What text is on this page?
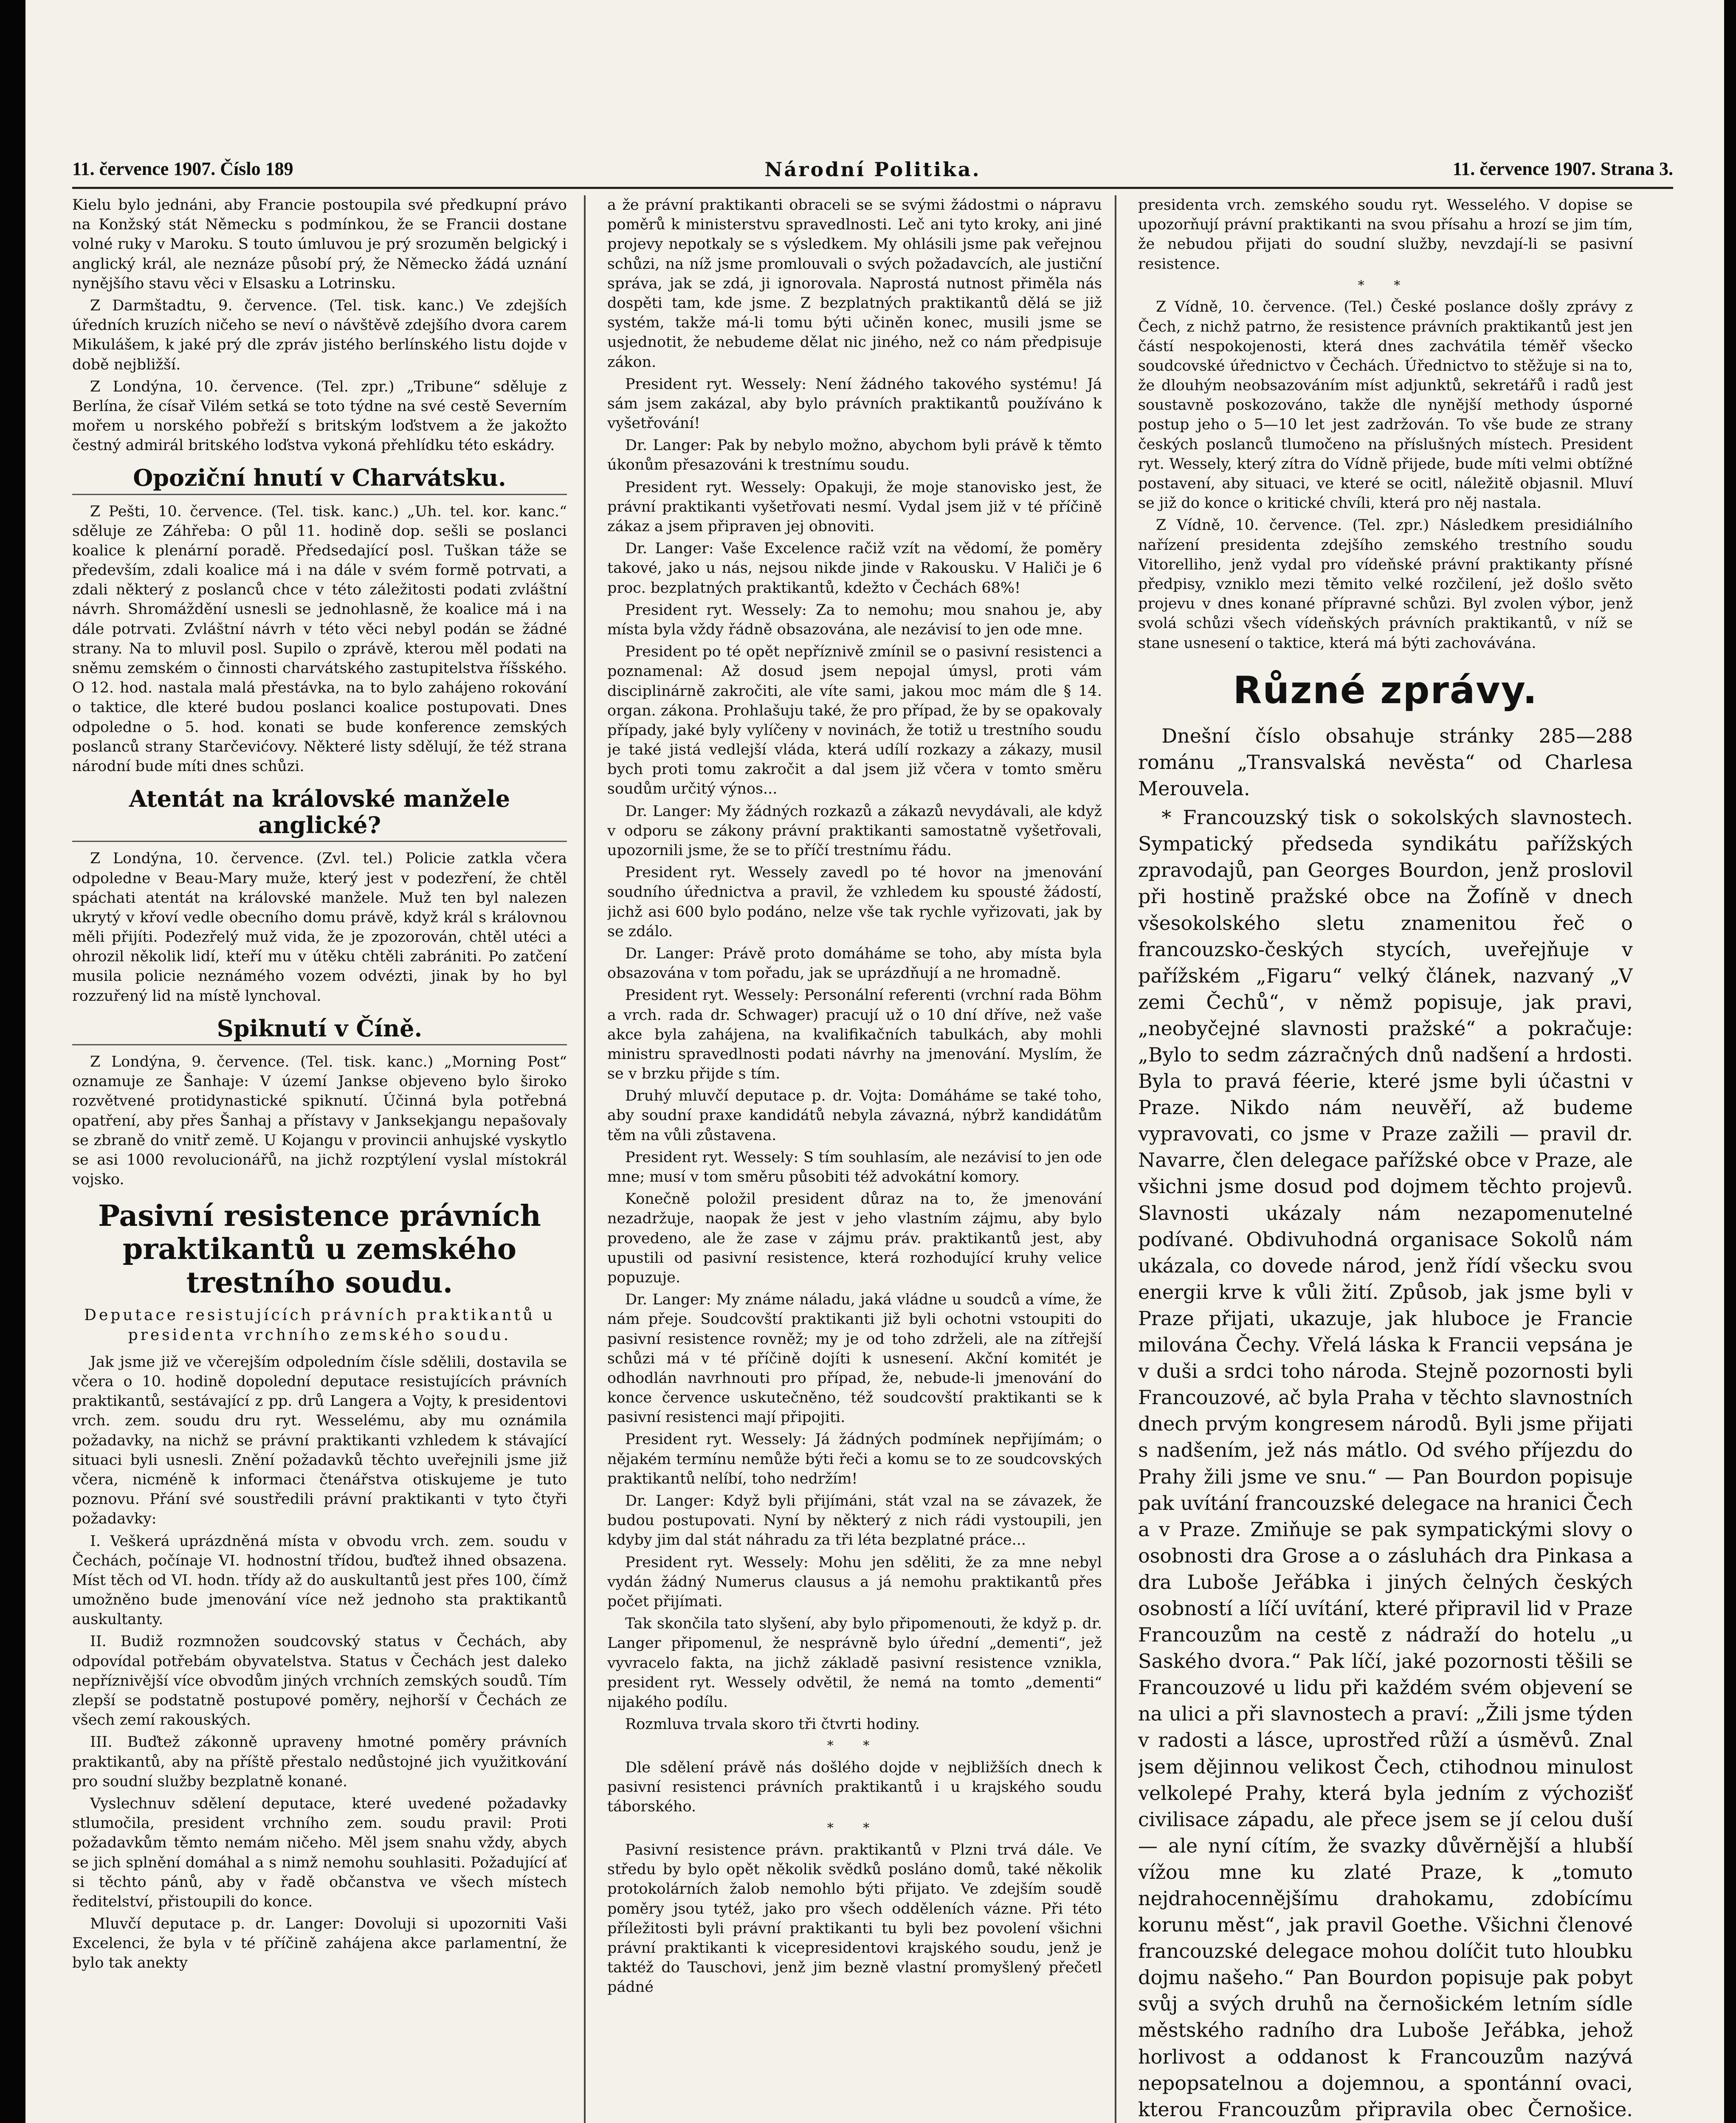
11. července 1907. Číslo 189	Národní Politika.	11. července 1907. Strana 3.

Kielu bylo jednáni, aby Francie postoupila své předkupní právo na Konžský stát Německu s podmínkou, že se Francii dostane volné ruky v Maroku. S touto úmluvou je prý srozuměn belgický i anglický král, ale neznáze působí prý, že Německo žádá uznání nynějšího stavu věci v Elsasku a Lotrinsku.

Z Darmštadtu, 9. července. (Tel. tisk. kanc.) Ve zdejších úředních kruzích ničeho se neví o návštěvě zdejšího dvora carem Mikulášem, k jaké prý dle zpráv jistého berlínského listu dojde v době nejbližší.

Z Londýna, 10. července. (Tel. zpr.) „Tribune“ sděluje z Berlína, že císař Vilém setká se toto týdne na své cestě Severním mořem u norského pobřeží s britským loďstvem a že jakožto čestný admirál britského loďstva vykoná přehlídku této eskádry.

Opoziční hnutí v Charvátsku.

Z Pešti, 10. července. (Tel. tisk. kanc.) „Uh. tel. kor. kanc.“ sděluje ze Záhřeba: O půl 11. hodině dop. sešli se poslanci koalice k plenární poradě. Předsedající posl. Tuškan táže se především, zdali koalice má i na dále v svém formě potrvati, a zdali některý z poslanců chce v této záležitosti podati zvláštní návrh. Shromáždění usnesli se jednohlasně, že koalice má i na dále potrvati. Zvláštní návrh v této věci nebyl podán se žádné strany. Na to mluvil posl. Supilo o zprávě, kterou měl podati na sněmu zemském o činnosti charvátského zastupitelstva říšského. O 12. hod. nastala malá přestávka, na to bylo zahájeno rokování o taktice, dle které budou poslanci koalice postupovati. Dnes odpoledne o 5. hod. konati se bude konference zemských poslanců strany Starčevićovy. Některé listy sdělují, že též strana národní bude míti dnes schůzi.

Atentát na královské manžele anglické?

Z Londýna, 10. července. (Zvl. tel.) Policie zatkla včera odpoledne v Beau-Mary muže, který jest v podezření, že chtěl spáchati atentát na královské manžele. Muž ten byl nalezen ukrytý v křoví vedle obecního domu právě, když král s královnou měli přijíti. Podezřelý muž vida, že je zpozorován, chtěl utéci a ohrozil několik lidí, kteří mu v útěku chtěli zabrániti. Po zatčení musila policie neznámého vozem odvézti, jinak by ho byl rozzuřený lid na místě lynchoval.

Spiknutí v Číně.

Z Londýna, 9. července. (Tel. tisk. kanc.) „Morning Post“ oznamuje ze Šanhaje: V území Jankse objeveno bylo široko rozvětvené protidynastické spiknutí. Účinná byla potřebná opatření, aby přes Šanhaj a přístavy v Janksekjangu nepašovaly se zbraně do vnitř země. U Kojangu v provincii anhujské vyskytlo se asi 1000 revolucionářů, na jichž rozptýlení vyslal místokrál vojsko.

Pasivní resistence právních praktikantů u zemského trestního soudu.
Deputace resistujících právních praktikantů u presidenta vrchního zemského soudu.

Jak jsme již ve včerejším odpoledním čísle sdělili, dostavila se včera o 10. hodině dopolední deputace resistujících právních praktikantů, sestávající z pp. drů Langera a Vojty, k presidentovi vrch. zem. soudu dru ryt. Wesselému, aby mu oznámila požadavky, na nichž se právní praktikanti vzhledem k stávající situaci byli usnesli. Znění požadavků těchto uveřejnili jsme již včera, nicméně k informaci čtenářstva otiskujeme je tuto poznovu. Přání své soustředili právní praktikanti v tyto čtyři požadavky:

I. Veškerá uprázdněná místa v obvodu vrch. zem. soudu v Čechách, počínaje VI. hodnostní třídou, buďtež ihned obsazena. Míst těch od VI. hodn. třídy až do auskultantů jest přes 100, čímž umožněno bude jmenování více než jednoho sta praktikantů auskultanty.

II. Budiž rozmnožen soudcovský status v Čechách, aby odpovídal potřebám obyvatelstva. Status v Čechách jest daleko nepříznivější více obvodům jiných vrchních zemských soudů. Tím zlepší se podstatně postupové poměry, nejhorší v Čechách ze všech zemí rakouských.

III. Buďtež zákonně upraveny hmotné poměry právních praktikantů, aby na příště přestalo nedůstojné jich využitkování pro soudní služby bezplatně konané.

Vyslechnuv sdělení deputace, které uvedené požadavky stlumočila, president vrchního zem. soudu pravil: Proti požadavkům těmto nemám ničeho. Měl jsem snahu vždy, abych se jich splnění domáhal a s nimž nemohu souhlasiti. Požadující ať si těchto pánů, aby v řadě občanstva ve všech místech ředitelství, přistoupili do konce.

Mluvčí deputace p. dr. Langer: Dovoluji si upozorniti Vaši Excelenci, že byla v té příčině zahájena akce parlamentní, že bylo tak anekty

a že právní praktikanti obraceli se se svými žádostmi o nápravu poměrů k ministerstvu spravedlnosti. Leč ani tyto kroky, ani jiné projevy nepotkaly se s výsledkem. My ohlásili jsme pak veřejnou schůzi, na níž jsme promlouvali o svých požadavcích, ale justiční správa, jak se zdá, ji ignorovala. Naprostá nutnost přiměla nás dospěti tam, kde jsme. Z bezplatných praktikantů dělá se již systém, takže má-li tomu býti učiněn konec, musili jsme se usjednotit, že nebudeme dělat nic jiného, než co nám předpisuje zákon.

President ryt. Wessely: Není žádného takového systému! Já sám jsem zakázal, aby bylo právních praktikantů používáno k vyšetřování!

Dr. Langer: Pak by nebylo možno, abychom byli právě k těmto úkonům přesazováni k trestnímu soudu.

President ryt. Wessely: Opakuji, že moje stanovisko jest, že právní praktikanti vyšetřovati nesmí. Vydal jsem již v té příčině zákaz a jsem připraven jej obnoviti.

Dr. Langer: Vaše Excelence račiž vzít na vědomí, že poměry takové, jako u nás, nejsou nikde jinde v Rakousku. V Haliči je 6 proc. bezplatných praktikantů, kdežto v Čechách 68%!

President ryt. Wessely: Za to nemohu; mou snahou je, aby místa byla vždy řádně obsazována, ale nezávisí to jen ode mne.

President po té opět nepříznivě zmínil se o pasivní resistenci a poznamenal: Až dosud jsem nepojal úmysl, proti vám disciplinárně zakročiti, ale víte sami, jakou moc mám dle § 14. organ. zákona. Prohlašuju také, že pro případ, že by se opakovaly případy, jaké byly vylíčeny v novinách, že totiž u trestního soudu je také jistá vedlejší vláda, která udílí rozkazy a zákazy, musil bych proti tomu zakročit a dal jsem již včera v tomto směru soudům určitý výnos...

Dr. Langer: My žádných rozkazů a zákazů nevydávali, ale když v odporu se zákony právní praktikanti samostatně vyšetřovali, upozornili jsme, že se to příčí trestnímu řádu.

President ryt. Wessely zavedl po té hovor na jmenování soudního úřednictva a pravil, že vzhledem ku spousté žádostí, jichž asi 600 bylo podáno, nelze vše tak rychle vyřizovati, jak by se zdálo.

Dr. Langer: Právě proto domáháme se toho, aby místa byla obsazována v tom pořadu, jak se uprázdňují a ne hromadně.

President ryt. Wessely: Personální referenti (vrchní rada Böhm a vrch. rada dr. Schwager) pracují už o 10 dní dříve, než vaše akce byla zahájena, na kvalifikačních tabulkách, aby mohli ministru spravedlnosti podati návrhy na jmenování. Myslím, že se v brzku přijde s tím.

Druhý mluvčí deputace p. dr. Vojta: Domáháme se také toho, aby soudní praxe kandidátů nebyla závazná, nýbrž kandidátům těm na vůli zůstavena.

President ryt. Wessely: S tím souhlasím, ale nezávisí to jen ode mne; musí v tom směru působiti též advokátní komory.

Konečně položil president důraz na to, že jmenování nezadržuje, naopak že jest v jeho vlastním zájmu, aby bylo provedeno, ale že zase v zájmu práv. praktikantů jest, aby upustili od pasivní resistence, která rozhodující kruhy velice popuzuje.

Dr. Langer: My známe náladu, jaká vládne u soudců a víme, že nám přeje. Soudcovští praktikanti již byli ochotni vstoupiti do pasivní resistence rovněž; my je od toho zdrželi, ale na zítřejší schůzi má v té příčině dojíti k usnesení. Akční komitét je odhodlán navrhnouti pro případ, že, nebude-li jmenování do konce července uskutečněno, též soudcovští praktikanti se k pasivní resistenci mají připojiti.

President ryt. Wessely: Já žádných podmínek nepřijímám; o nějakém termínu nemůže býti řeči a komu se to ze soudcovských praktikantů nelíbí, toho nedržím!

Dr. Langer: Když byli přijímáni, stát vzal na se závazek, že budou postupovati. Nyní by některý z nich rádi vystoupili, jen kdyby jim dal stát náhradu za tři léta bezplatné práce...

President ryt. Wessely: Mohu jen sděliti, že za mne nebyl vydán žádný Numerus clausus a já nemohu praktikantů přes počet přijímati.

Tak skončila tato slyšení, aby bylo připomenouti, že když p. dr. Langer připomenul, že nesprávně bylo úřední „dementi“, jež vyvracelo fakta, na jichž základě pasivní resistence vznikla, president ryt. Wessely odvětil, že nemá na tomto „dementi“ nijakého podílu.

Rozmluva trvala skoro tři čtvrti hodiny.

* *

Dle sdělení právě nás došlého dojde v nejbližších dnech k pasivní resistenci právních praktikantů i u krajského soudu táborského.

* *

Pasivní resistence právn. praktikantů v Plzni trvá dále. Ve středu by bylo opět několik svědků posláno domů, také několik protokolárních žalob nemohlo býti přijato. Ve zdejším soudě poměry jsou tytéž, jako pro všech odděleních vázne. Při této příležitosti byli právní praktikanti tu byli bez povolení všichni právní praktikanti k vicepresidentovi krajského soudu, jenž je taktéž do Tauschovi, jenž jim bezně vlastní promyšlený přečetl pádné

presidenta vrch. zemského soudu ryt. Wesselého. V dopise se upozorňují právní praktikanti na svou přísahu a hrozí se jim tím, že nebudou přijati do soudní služby, nevzdají-li se pasivní resistence.

* *

Z Vídně, 10. července. (Tel.) České poslance došly zprávy z Čech, z nichž patrno, že resistence právních praktikantů jest jen částí nespokojenosti, která dnes zachvátila téměř všecko soudcovské úřednictvo v Čechách. Úřednictvo to stěžuje si na to, že dlouhým neobsazováním míst adjunktů, sekretářů i radů jest soustavně poskozováno, takže dle nynější methody úsporné postup jeho o 5—10 let jest zadržován. To vše bude ze strany českých poslanců tlumočeno na příslušných místech. President ryt. Wessely, který zítra do Vídně přijede, bude míti velmi obtížné postavení, aby situaci, ve které se ocitl, náležitě objasnil. Mluví se již do konce o kritické chvíli, která pro něj nastala.

Z Vídně, 10. července. (Tel. zpr.) Následkem presidiálního nařízení presidenta zdejšího zemského trestního soudu Vitorelliho, jenž vydal pro vídeňské právní praktikanty přísné předpisy, vzniklo mezi těmito velké rozčilení, jež došlo světo projevu v dnes konané přípravné schůzi. Byl zvolen výbor, jenž svolá schůzi všech vídeňských právních praktikantů, v níž se stane usnesení o taktice, která má býti zachovávána.

Různé zprávy.

Dnešní číslo obsahuje stránky 285—288 románu „Transvalská nevěsta“ od Charlesa Merouvela.

* Francouzský tisk o sokolských slavnostech. Sympatický předseda syndikátu pařížských zpravodajů, pan Georges Bourdon, jenž proslovil při hostině pražské obce na Žofíně v dnech všesokolského sletu znamenitou řeč o francouzsko-českých stycích, uveřejňuje v pařížském „Figaru“ velký článek, nazvaný „V zemi Čechů“, v němž popisuje, jak pravi, „neobyčejné slavnosti pražské“ a pokračuje: „Bylo to sedm zázračných dnů nadšení a hrdosti. Byla to pravá féerie, které jsme byli účastni v Praze. Nikdo nám neuvěří, až budeme vypravovati, co jsme v Praze zažili — pravil dr. Navarre, člen delegace pařížské obce v Praze, ale všichni jsme dosud pod dojmem těchto projevů. Slavnosti ukázaly nám nezapomenutelné podívané. Obdivuhodná organisace Sokolů nám ukázala, co dovede národ, jenž řídí všecku svou energii krve k vůli žití. Způsob, jak jsme byli v Praze přijati, ukazuje, jak hluboce je Francie milována Čechy. Vřelá láska k Francii vepsána je v duši a srdci toho národa. Stejně pozornosti byli Francouzové, ač byla Praha v těchto slavnostních dnech prvým kongresem národů. Byli jsme přijati s nadšením, jež nás mátlo. Od svého příjezdu do Prahy žili jsme ve snu.“ — Pan Bourdon popisuje pak uvítání francouzské delegace na hranici Čech a v Praze. Zmiňuje se pak sympatickými slovy o osobnosti dra Grose a o zásluhách dra Pinkasa a dra Luboše Jeřábka i jiných čelných českých osobností a líčí uvítání, které připravil lid v Praze Francouzům na cestě z nádraží do hotelu „u Saského dvora.“ Pak líčí, jaké pozornosti těšili se Francouzové u lidu při každém svém objevení se na ulici a při slavnostech a praví: „Žili jsme týden v radosti a lásce, uprostřed růží a úsměvů. Znal jsem dějinnou velikost Čech, ctihodnou minulost velkolepé Prahy, která byla jedním z výchozišť civilisace západu, ale přece jsem se jí celou duší — ale nyní cítím, že svazky důvěrnější a hlubší vížou mne ku zlaté Praze, k „tomuto nejdrahocennějšímu drahokamu, zdobícímu korunu měst“, jak pravil Goethe. Všichni členové francouzské delegace mohou dolíčit tuto hloubku dojmu našeho.“ Pan Bourdon popisuje pak pobyt svůj a svých druhů na černošickém letním sídle městského radního dra Luboše Jeřábka, jehož horlivost a oddanost k Francouzům nazývá nepopsatelnou a dojemnou, a spontánní ovaci, kterou Francouzům připravila obec Černošice.
